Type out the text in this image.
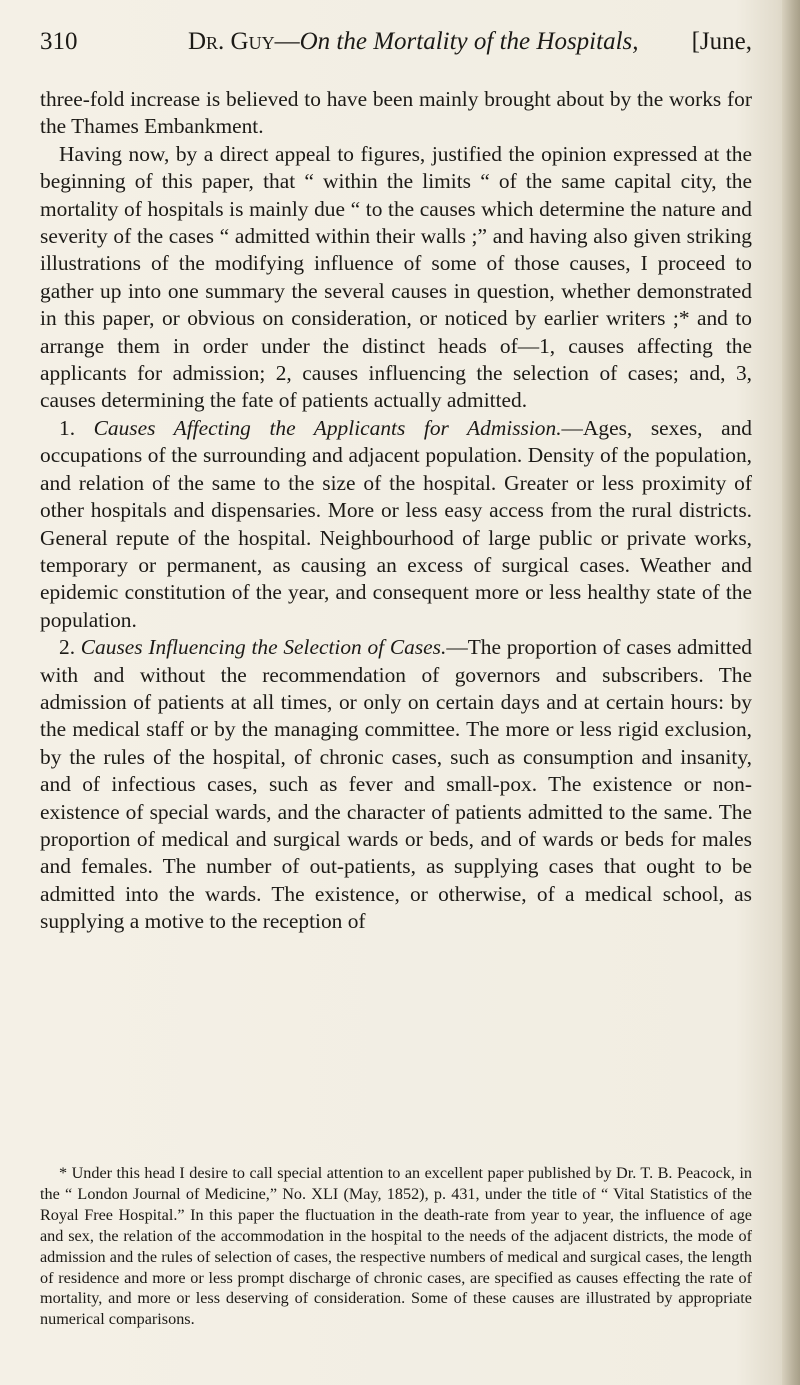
310	Dr. Guy—On the Mortality of the Hospitals, [June,

three-fold increase is believed to have been mainly brought about by the works for the Thames Embankment.

Having now, by a direct appeal to figures, justified the opinion expressed at the beginning of this paper, that “ within the limits “ of the same capital city, the mortality of hospitals is mainly due “ to the causes which determine the nature and severity of the cases “ admitted within their walls ;” and having also given striking illustrations of the modifying influence of some of those causes, I proceed to gather up into one summary the several causes in question, whether demonstrated in this paper, or obvious on consideration, or noticed by earlier writers ;* and to arrange them in order under the distinct heads of—1, causes affecting the applicants for admission; 2, causes influencing the selection of cases; and, 3, causes determining the fate of patients actually admitted.

1. Causes Affecting the Applicants for Admission.—Ages, sexes, and occupations of the surrounding and adjacent population. Density of the population, and relation of the same to the size of the hospital. Greater or less proximity of other hospitals and dispensaries. More or less easy access from the rural districts. General repute of the hospital. Neighbourhood of large public or private works, temporary or permanent, as causing an excess of surgical cases. Weather and epidemic constitution of the year, and consequent more or less healthy state of the population.

2. Causes Influencing the Selection of Cases.—The proportion of cases admitted with and without the recommendation of governors and subscribers. The admission of patients at all times, or only on certain days and at certain hours: by the medical staff or by the managing committee. The more or less rigid exclusion, by the rules of the hospital, of chronic cases, such as consumption and insanity, and of infectious cases, such as fever and small-pox. The existence or non-existence of special wards, and the character of patients admitted to the same. The proportion of medical and surgical wards or beds, and of wards or beds for males and females. The number of out-patients, as supplying cases that ought to be admitted into the wards. The existence, or otherwise, of a medical school, as supplying a motive to the reception of

* Under this head I desire to call special attention to an excellent paper published by Dr. T. B. Peacock, in the “ London Journal of Medicine,” No. XLI (May, 1852), p. 431, under the title of “ Vital Statistics of the Royal Free Hospital.” In this paper the fluctuation in the death-rate from year to year, the influence of age and sex, the relation of the accommodation in the hospital to the needs of the adjacent districts, the mode of admission and the rules of selection of cases, the respective numbers of medical and surgical cases, the length of residence and more or less prompt discharge of chronic cases, are specified as causes effecting the rate of mortality, and more or less deserving of consideration. Some of these causes are illustrated by appropriate numerical comparisons.
